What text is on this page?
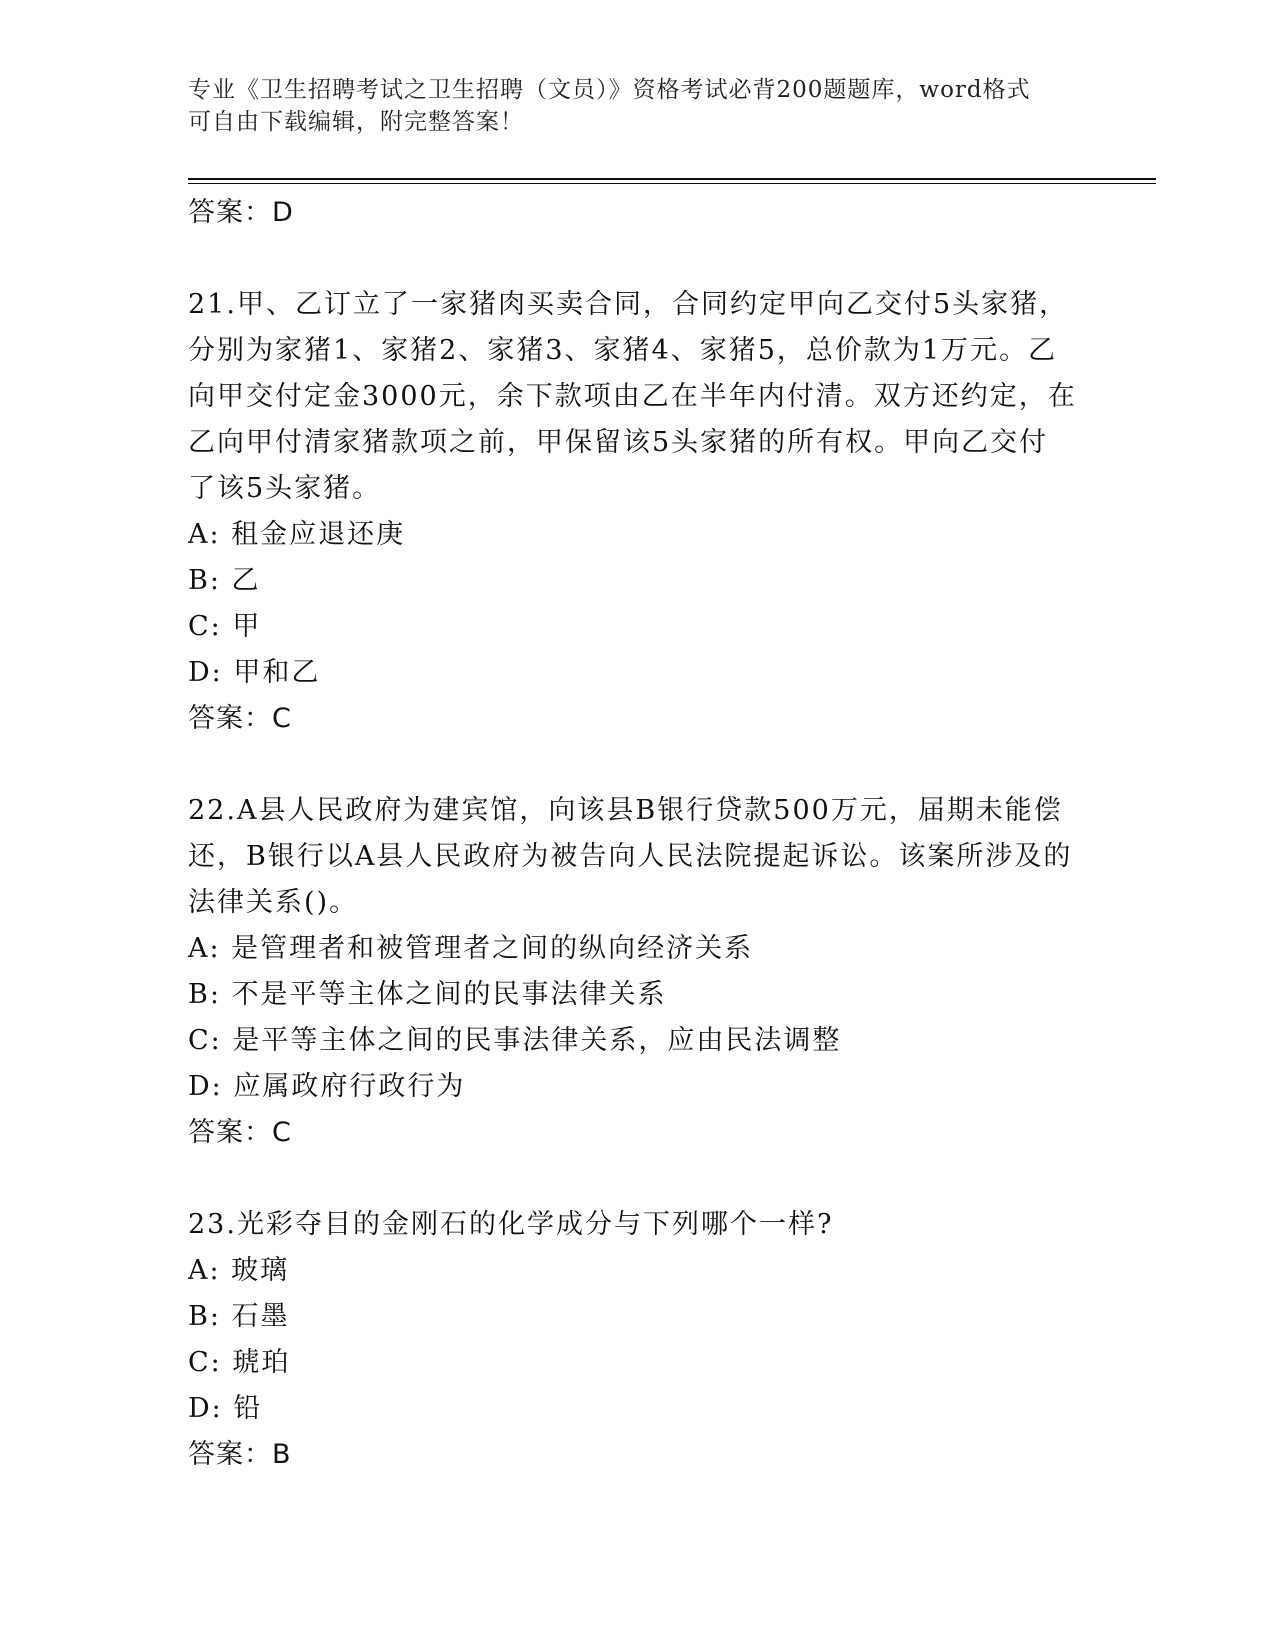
专业《卫生招聘考试之卫生招聘（文员）》资格考试必背200题题库，word格式
可自由下载编辑，附完整答案！
答案：D
21.甲、乙订立了一家猪肉买卖合同，合同约定甲向乙交付5头家猪，
分别为家猪1、家猪2、家猪3、家猪4、家猪5，总价款为1万元。乙
向甲交付定金3000元，余下款项由乙在半年内付清。双方还约定，在
乙向甲付清家猪款项之前，甲保留该5头家猪的所有权。甲向乙交付
了该5头家猪。
A: 租金应退还庚
B: 乙
C: 甲
D: 甲和乙
答案：C
22.A县人民政府为建宾馆，向该县B银行贷款500万元，届期未能偿
还，B银行以A县人民政府为被告向人民法院提起诉讼。该案所涉及的
法律关系()。
A: 是管理者和被管理者之间的纵向经济关系
B: 不是平等主体之间的民事法律关系
C: 是平等主体之间的民事法律关系，应由民法调整
D: 应属政府行政行为
答案：C
23.光彩夺目的金刚石的化学成分与下列哪个一样?
A: 玻璃
B: 石墨
C: 琥珀
D: 铅
答案：B
